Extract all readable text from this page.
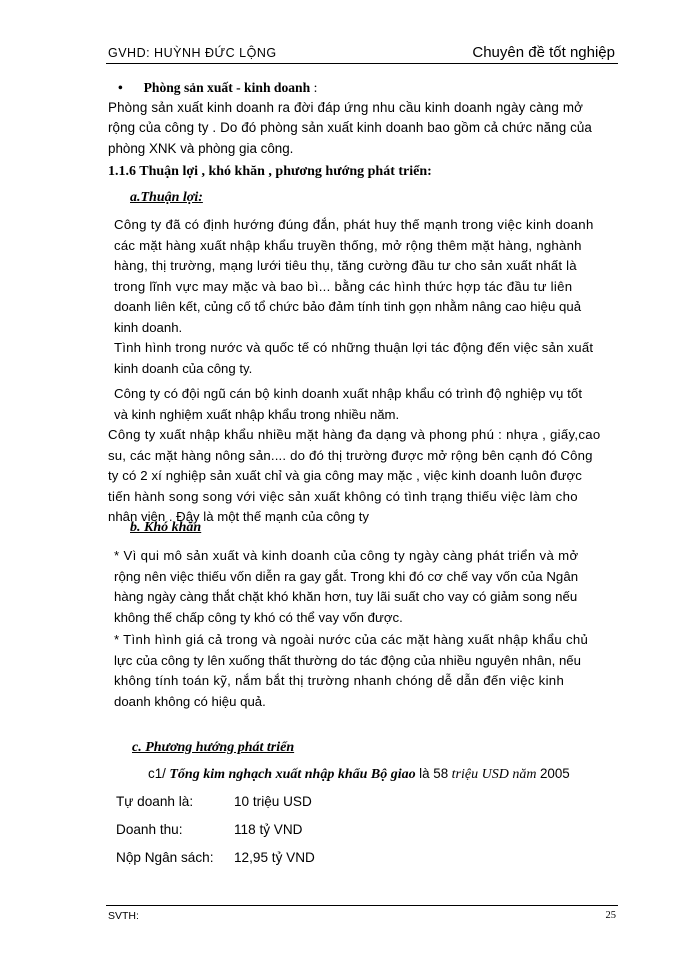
GVHD: HUỲNH ĐỨC LỘNG	Chuyên đề tốt nghiệp
• Phòng sản xuất - kinh doanh :
Phòng sản xuất kinh doanh ra đời đáp ứng nhu cầu kinh doanh ngày càng mở
rộng của công ty . Do đó phòng sản xuất kinh doanh bao gồm cả chức năng của
phòng XNK và phòng gia công.
1.1.6 Thuận lợi , khó khăn , phương hướng phát triển:
a.Thuận lợi:
Công ty đã có định hướng đúng đắn, phát huy thế mạnh trong việc kinh doanh
các mặt hàng xuất nhập khẩu truyền thống, mở rộng thêm mặt hàng, nghành
hàng, thị trường, mạng lưới tiêu thụ, tăng cường đầu tư cho sản xuất nhất là
trong lĩnh vực may mặc và bao bì... bằng các hình thức hợp tác đầu tư liên
doanh liên kết, củng cố tổ chức bảo đảm tính tinh gọn nhằm nâng cao hiệu quả
kinh doanh.
Tình hình trong nước và quốc tế có những thuận lợi tác động đến việc sản xuất
kinh doanh của công ty.
Công ty có đội ngũ cán bộ kinh doanh xuất nhập khẩu có trình độ nghiệp vụ tốt
và kinh nghiệm xuất nhập khẩu trong nhiều năm.
Công ty xuất nhập khẩu nhiều mặt hàng đa dạng và phong phú : nhựa , giấy,cao
su, các mặt hàng nông sản.... do đó thị trường được mở rộng bên cạnh đó Công
ty có 2 xí nghiệp sản xuất chỉ và gia công may mặc , việc kinh doanh luôn được
tiến hành song song với việc sản xuất không có tình trạng thiếu việc làm cho
nhân viên . Đây là một thế mạnh của công ty
b. Khó khăn
* Vì qui mô sản xuất và kinh doanh của công ty ngày càng phát triển và mở
rộng nên việc thiếu vốn diễn ra gay gắt. Trong khi đó cơ chế vay vốn của Ngân
hàng ngày càng thắt chặt khó khăn hơn, tuy lãi suất cho vay có giảm song nếu
không thế chấp công ty khó có thể vay vốn được.
* Tình hình giá cả trong và ngoài nước của các mặt hàng xuất nhập khẩu chủ
lực của công ty lên xuống thất thường do tác động của nhiều nguyên nhân, nếu
không tính toán kỹ, nắm bắt thị trường nhanh chóng dễ dẫn đến việc kinh
doanh không có hiệu quả.
c. Phương hướng phát triển
c1/ Tổng kim nghạch xuất nhập khẩu Bộ giao là 58 triệu USD năm 2005
Tự doanh là:	10 triệu USD
Doanh thu:	118 tỷ VND
Nộp Ngân sách: 12,95 tỷ VND
SVTH:	25
